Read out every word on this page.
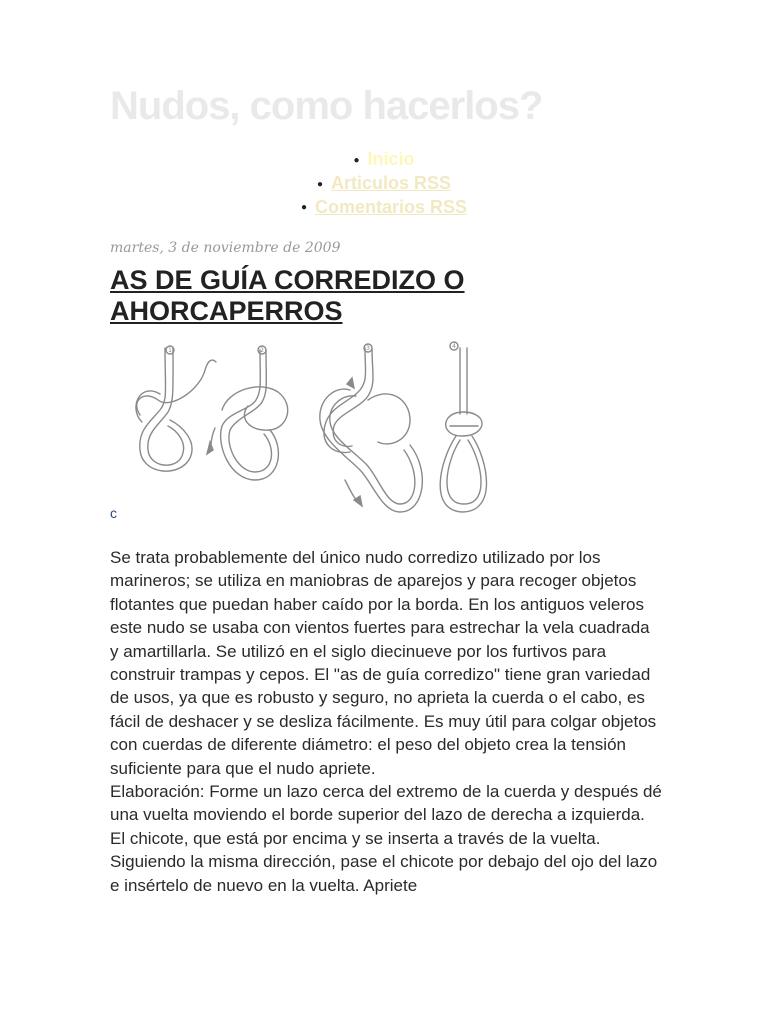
Nudos, como hacerlos?
● Inicio
● Articulos RSS
● Comentarios RSS
martes, 3 de noviembre de 2009
AS DE GUÍA CORREDIZO O AHORCAPERROS
1	2	3	4
c

Se trata probablemente del único nudo corredizo utilizado por los marineros; se utiliza en maniobras de aparejos y para recoger objetos flotantes que puedan haber caído por la borda. En los antiguos veleros este nudo se usaba con vientos fuertes para estrechar la vela cuadrada y amartillarla. Se utilizó en el siglo diecinueve por los furtivos para construir trampas y cepos. El "as de guía corredizo" tiene gran variedad de usos, ya que es robusto y seguro, no aprieta la cuerda o el cabo, es fácil de deshacer y se desliza fácilmente. Es muy útil para colgar objetos con cuerdas de diferente diámetro: el peso del objeto crea la tensión suficiente para que el nudo apriete.

Elaboración: Forme un lazo cerca del extremo de la cuerda y después dé una vuelta moviendo el borde superior del lazo de derecha a izquierda. El chicote, que está por encima y se inserta a través de la vuelta. Siguiendo la misma dirección, pase el chicote por debajo del ojo del lazo e insértelo de nuevo en la vuelta. Apriete
